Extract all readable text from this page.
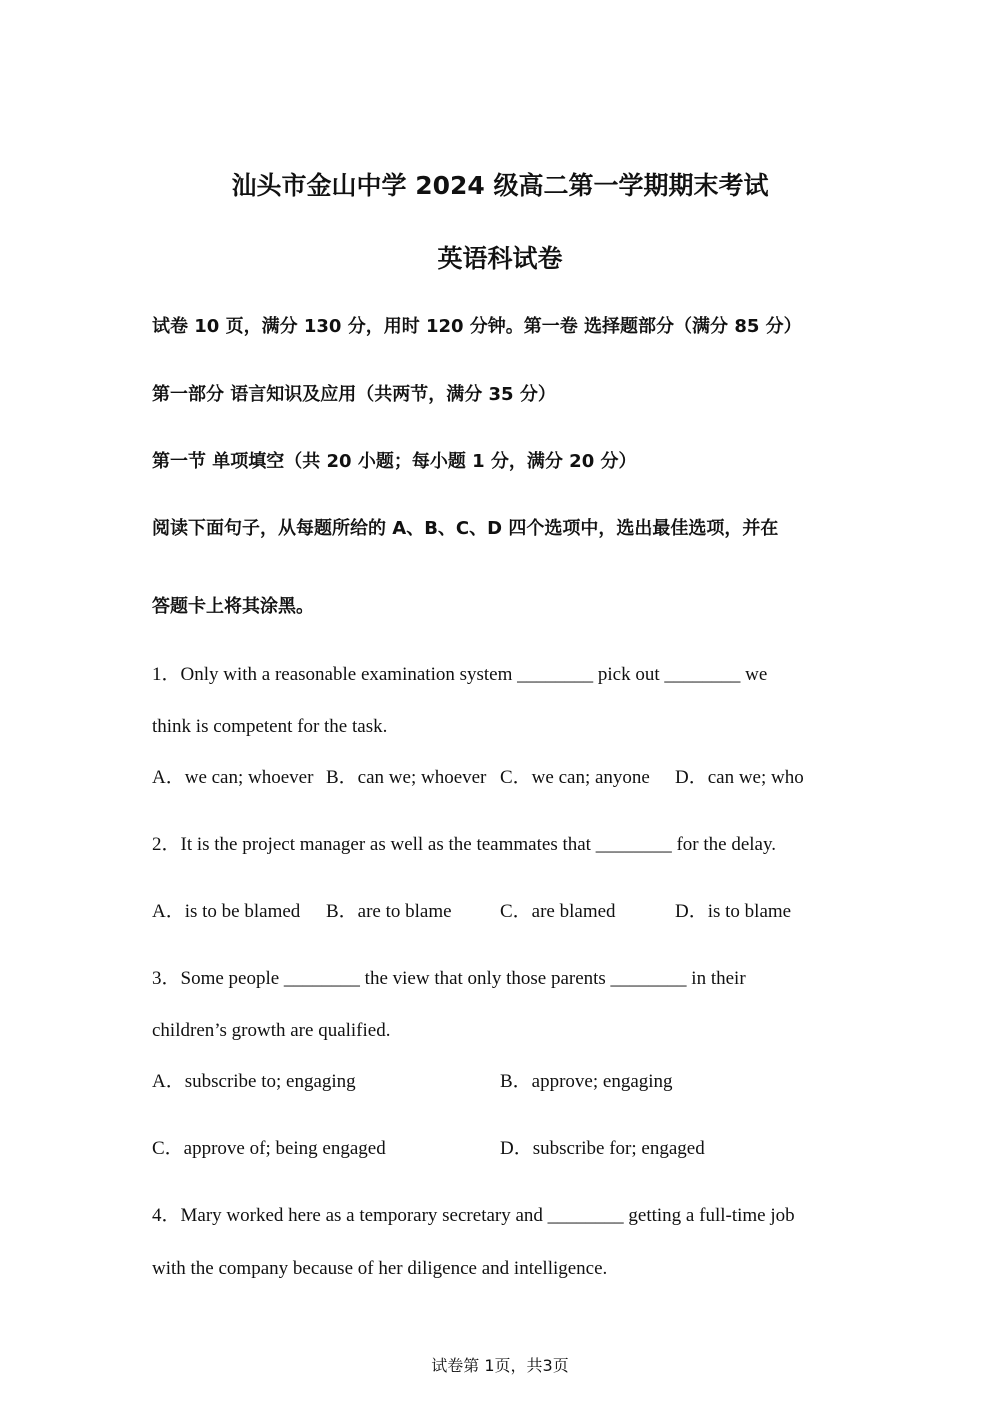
汕头市金山中学 2024 级高二第一学期期末考试
英语科试卷
试卷 10 页，满分 130 分，用时 120 分钟。第一卷 选择题部分（满分 85 分）
第一部分 语言知识及应用（共两节，满分 35 分）
第一节 单项填空（共 20 小题；每小题 1 分，满分 20 分）
阅读下面句子，从每题所给的 A、B、C、D 四个选项中，选出最佳选项，并在
答题卡上将其涂黑。
1．Only with a reasonable examination system ________ pick out ________ we
think is competent for the task.
A．we can; whoever B．can we; whoever C．we can; anyone D．can we; who
2．It is the project manager as well as the teammates that ________ for the delay.
A．is to be blamed B．are to blame	C．are blamed	D．is to blame
3．Some people ________ the view that only those parents ________ in their
children’s growth are qualified.
A．subscribe to; engaging	B．approve; engaging
C．approve of; being engaged	D．subscribe for; engaged
4．Mary worked here as a temporary secretary and ________ getting a full-time job
with the company because of her diligence and intelligence.
试卷第 1页，共3页
